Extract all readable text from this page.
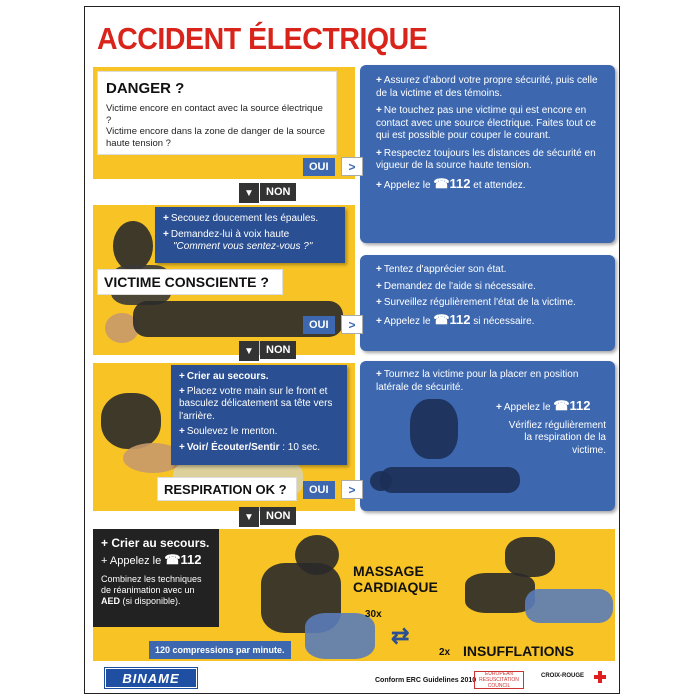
ACCIDENT ÉLECTRIQUE
DANGER ?
Victime encore en contact avec la source électrique ?
Victime encore dans la zone de danger de la source haute tension ?
+ Assurez d'abord votre propre sécurité, puis celle de la victime et des témoins.
+ Ne touchez pas une victime qui est encore en contact avec une source électrique. Faites tout ce qui est possible pour couper le courant.
+ Respectez toujours les distances de sécurité en vigueur de la source haute tension.
+ Appelez le ☎112 et attendez.
OUI	>
▼	NON
+ Secouez doucement les épaules.
+ Demandez-lui à voix haute
"Comment vous sentez-vous ?"
VICTIME CONSCIENTE ?
+ Tentez d'apprécier son état.
+ Demandez de l'aide si nécessaire.
+ Surveillez régulièrement l'état de la victime.
+ Appelez le ☎112 si nécessaire.
OUI	>
▼	NON
+ Crier au secours.
+ Placez votre main sur le front et basculez délicatement sa tête vers l'arrière.
+ Soulevez le menton.
+ Voir/ Écouter/Sentir : 10 sec.
RESPIRATION OK ?
+ Tournez la victime pour la placer en position latérale de sécurité.
+ Appelez le ☎112
Vérifiez régulièrement la respiration de la victime.
OUI	>
▼	NON
+ Crier au secours.
+ Appelez le ☎112
Combinez les techniques de réanimation avec un AED (si disponible).
MASSAGE
CARDIAQUE
30x
⇄
2x INSUFFLATIONS
120 compressions par minute.
BINAME	Conform ERC Guidelines 2010
EUROPEAN RESUSCITATION COUNCIL
CROIX-ROUGE
